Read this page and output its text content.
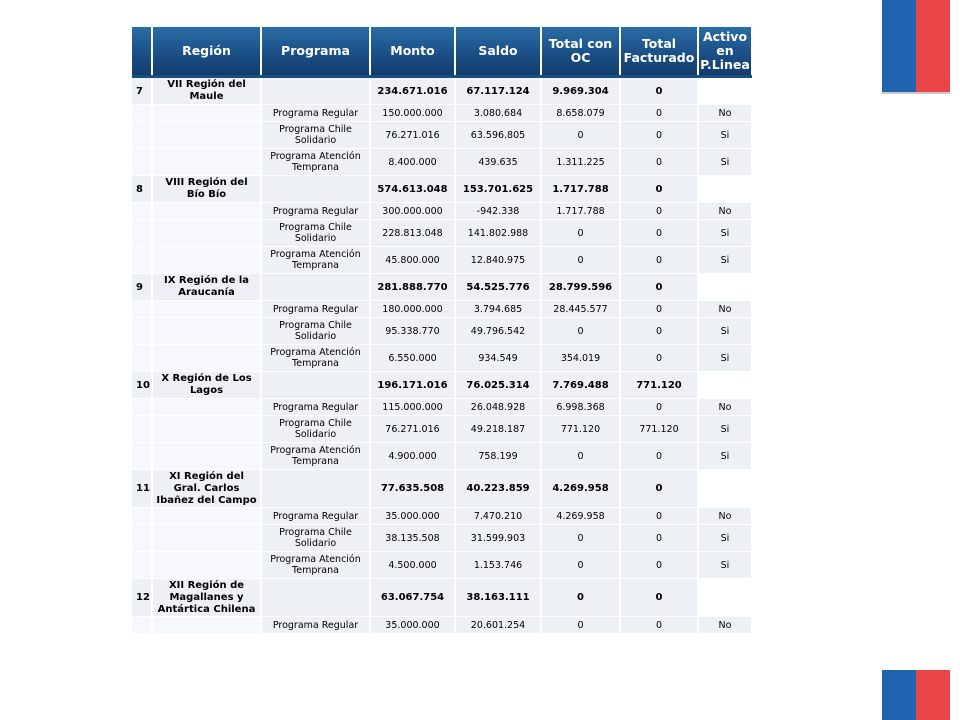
	Región	Programa	Monto	Saldo	Total con OC	Total Facturado	Activo en P.Linea

7	VII Región del Maule		234.671.016	67.117.124	9.969.304	0	
		Programa Regular	150.000.000	3.080.684	8.658.079	0	No
		Programa Chile Solidario	76.271.016	63.596.805	0	0	Si
		Programa Atención Temprana	8.400.000	439.635	1.311.225	0	Si
8	VIII Región del Bío Bío		574.613.048	153.701.625	1.717.788	0	
		Programa Regular	300.000.000	-942.338	1.717.788	0	No
		Programa Chile Solidario	228.813.048	141.802.988	0	0	Si
		Programa Atención Temprana	45.800.000	12.840.975	0	0	Si
9	IX Región de la Araucanía		281.888.770	54.525.776	28.799.596	0	
		Programa Regular	180.000.000	3.794.685	28.445.577	0	No
		Programa Chile Solidario	95.338.770	49.796.542	0	0	Si
		Programa Atención Temprana	6.550.000	934.549	354.019	0	Si
10	X Región de Los Lagos		196.171.016	76.025.314	7.769.488	771.120	
		Programa Regular	115.000.000	26.048.928	6.998.368	0	No
		Programa Chile Solidario	76.271.016	49.218.187	771.120	771.120	Si
		Programa Atención Temprana	4.900.000	758.199	0	0	Si
11	XI Región del Gral. Carlos Ibañez del Campo		77.635.508	40.223.859	4.269.958	0	
		Programa Regular	35.000.000	7.470.210	4.269.958	0	No
		Programa Chile Solidario	38.135.508	31.599.903	0	0	Si
		Programa Atención Temprana	4.500.000	1.153.746	0	0	Si
12	XII Región de Magallanes y Antártica Chilena		63.067.754	38.163.111	0	0	
		Programa Regular	35.000.000	20.601.254	0	0	No
